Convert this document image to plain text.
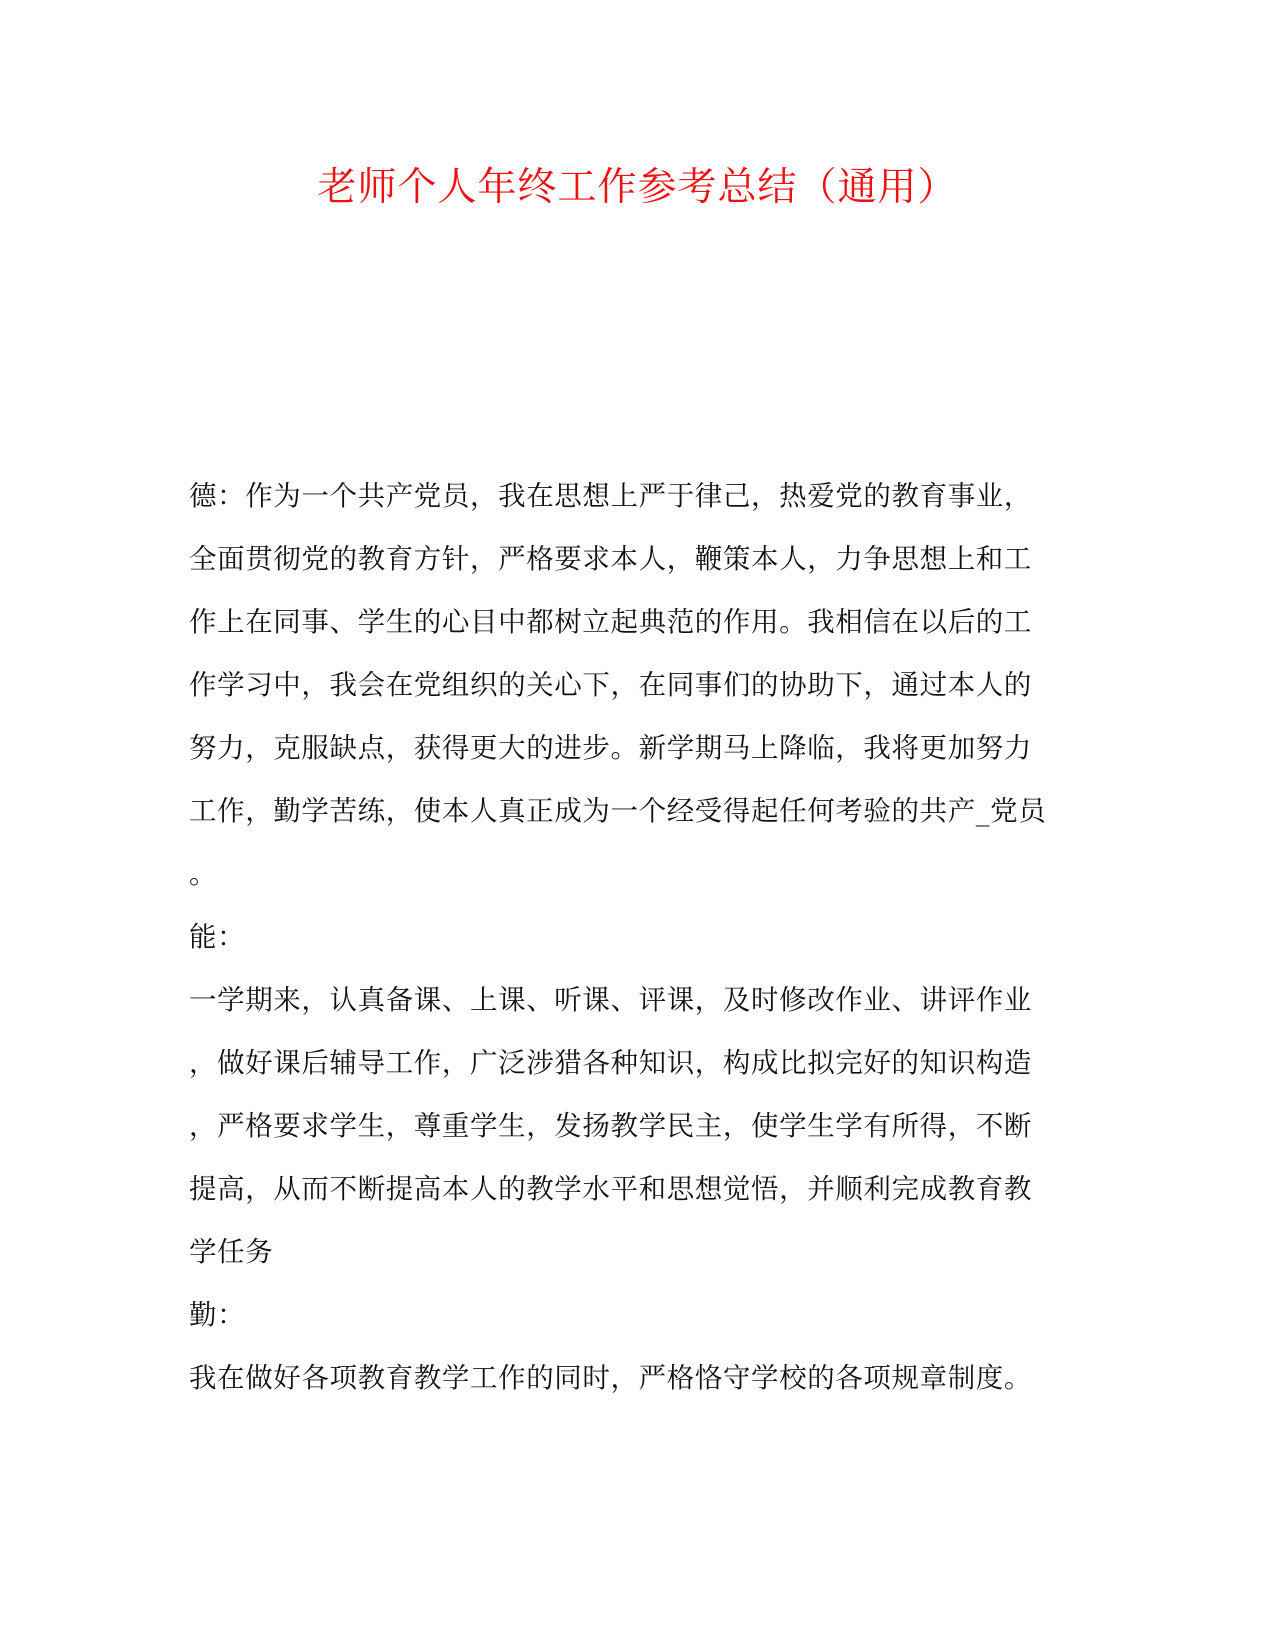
老师个人年终工作参考总结（通用）
德：作为一个共产党员，我在思想上严于律己，热爱党的教育事业，
全面贯彻党的教育方针，严格要求本人，鞭策本人，力争思想上和工
作上在同事、学生的心目中都树立起典范的作用。我相信在以后的工
作学习中，我会在党组织的关心下，在同事们的协助下，通过本人的
努力，克服缺点，获得更大的进步。新学期马上降临，我将更加努力
工作，勤学苦练，使本人真正成为一个经受得起任何考验的共产_党员
。
能：
一学期来，认真备课、上课、听课、评课，及时修改作业、讲评作业
，做好课后辅导工作，广泛涉猎各种知识，构成比拟完好的知识构造
，严格要求学生，尊重学生，发扬教学民主，使学生学有所得，不断
提高，从而不断提高本人的教学水平和思想觉悟，并顺利完成教育教
学任务
勤：
我在做好各项教育教学工作的同时，严格恪守学校的各项规章制度。
